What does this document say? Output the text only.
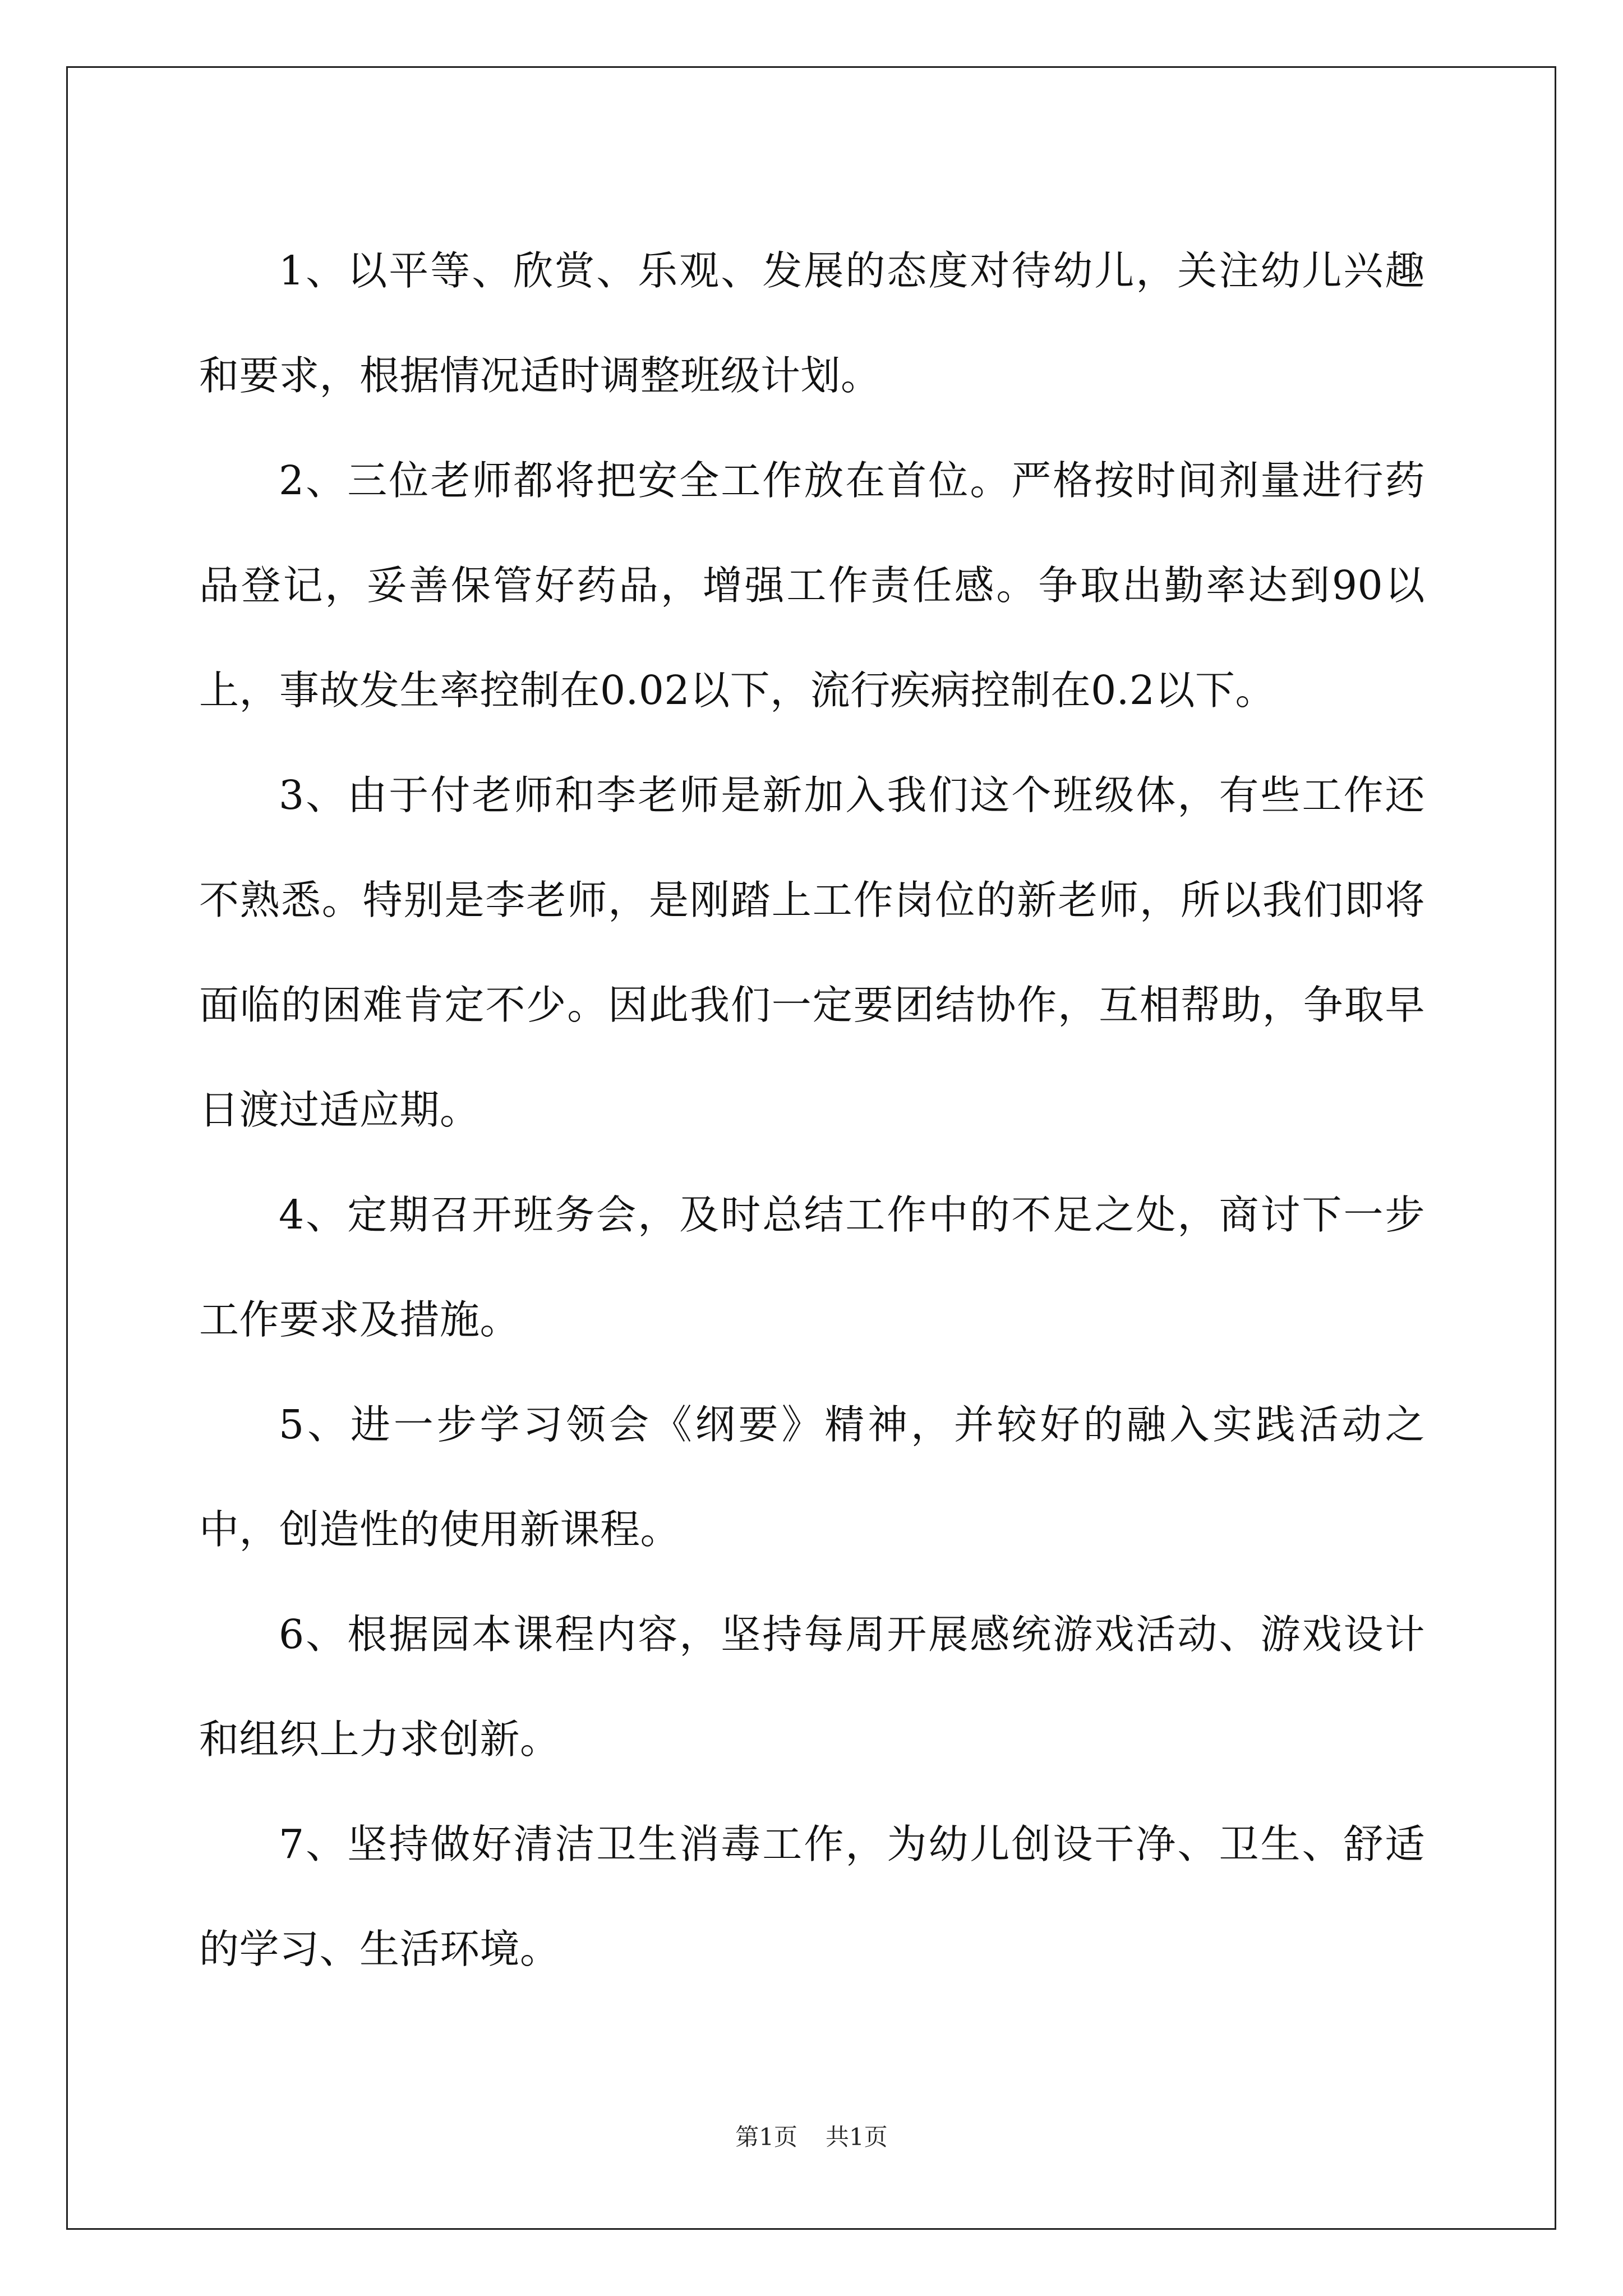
1、以平等、欣赏、乐观、发展的态度对待幼儿，关注幼儿兴趣和要求，根据情况适时调整班级计划。

2、三位老师都将把安全工作放在首位。严格按时间剂量进行药品登记，妥善保管好药品，增强工作责任感。争取出勤率达到90以上，事故发生率控制在0.02以下，流行疾病控制在0.2以下。

3、由于付老师和李老师是新加入我们这个班级体，有些工作还不熟悉。特别是李老师，是刚踏上工作岗位的新老师，所以我们即将面临的困难肯定不少。因此我们一定要团结协作，互相帮助，争取早日渡过适应期。

4、定期召开班务会，及时总结工作中的不足之处，商讨下一步工作要求及措施。

5、进一步学习领会《纲要》精神，并较好的融入实践活动之中，创造性的使用新课程。

6、根据园本课程内容，坚持每周开展感统游戏活动、游戏设计和组织上力求创新。

7、坚持做好清洁卫生消毒工作，为幼儿创设干净、卫生、舒适的学习、生活环境。

第1页 共1页
